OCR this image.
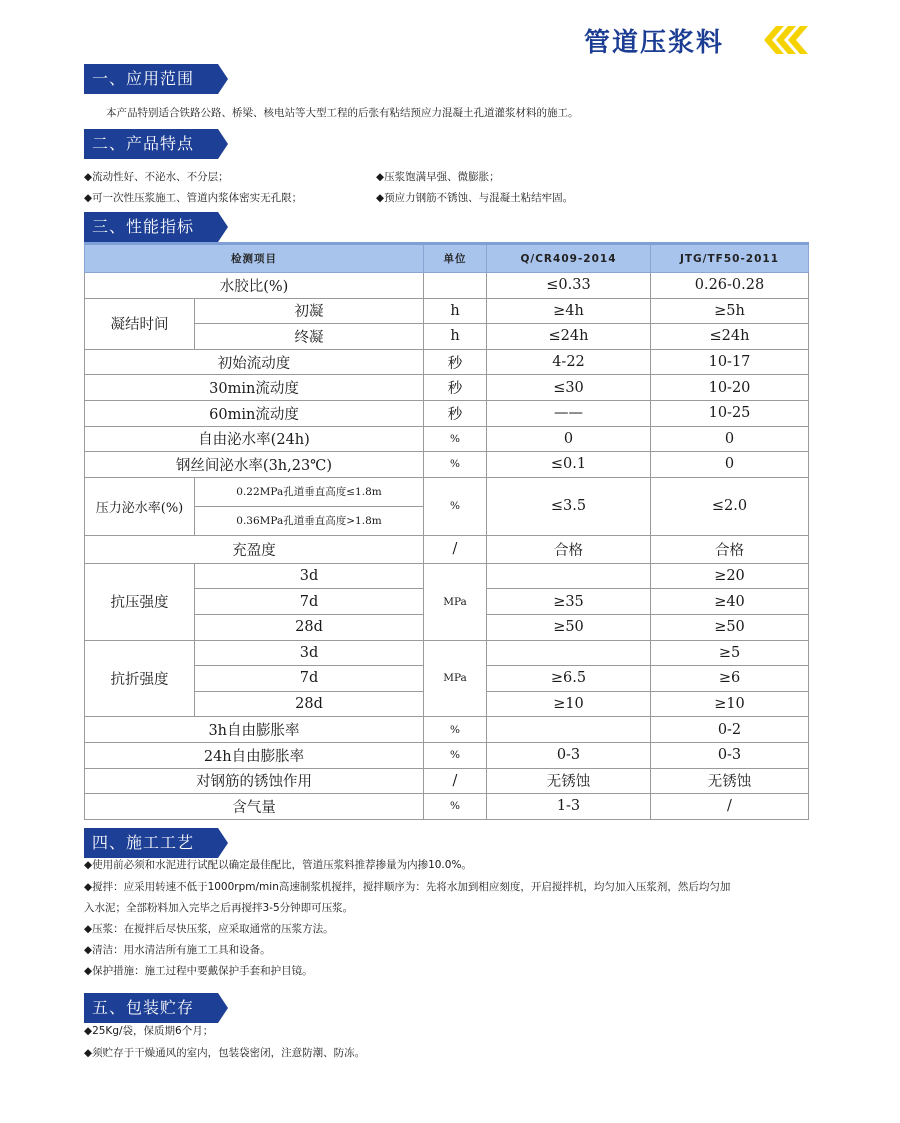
管道压浆料
一、应用范围
本产品特别适合铁路公路、桥梁、核电站等大型工程的后张有粘结预应力混凝土孔道灌浆材料的施工。
二、产品特点
◆流动性好、不泌水、不分层；	◆压浆饱满早强、微膨胀；
◆可一次性压浆施工、管道内浆体密实无孔限；	◆预应力钢筋不锈蚀、与混凝土粘结牢固。
三、性能指标
检测项目		单位	Q/CR409-2014	JTG/TF50-2011
水胶比(%)			≤0.33	0.26-0.28
凝结时间	初凝	h	≥4h	≥5h
	终凝	h	≤24h	≤24h
初始流动度		秒	4-22	10-17
30min流动度		秒	≤30	10-20
60min流动度		秒	——	10-25
自由泌水率(24h)		%	0	0
钢丝间泌水率(3h,23℃)		%	≤0.1	0
压力泌水率(%)	0.22MPa孔道垂直高度≤1.8m	%	≤3.5	≤2.0
	0.36MPa孔道垂直高度>1.8m			
充盈度		/	合格	合格
抗压强度	3d	MPa		≥20
	7d		≥35	≥40
	28d		≥50	≥50
抗折强度	3d	MPa		≥5
	7d		≥6.5	≥6
	28d		≥10	≥10
3h自由膨胀率		%		0-2
24h自由膨胀率		%	0-3	0-3
对钢筋的锈蚀作用		/	无锈蚀	无锈蚀
含气量		%	1-3	/
四、施工工艺
◆使用前必须和水泥进行试配以确定最佳配比，管道压浆料推荐掺量为内掺10.0%。
◆搅拌：应采用转速不低于1000rpm/min高速制浆机搅拌，搅拌顺序为：先将水加到相应刻度，开启搅拌机，均匀加入压浆剂，然后均匀加
入水泥；全部粉料加入完毕之后再搅拌3-5分钟即可压浆。
◆压浆：在搅拌后尽快压浆，应采取通常的压浆方法。
◆清洁：用水清洁所有施工工具和设备。
◆保护措施：施工过程中要戴保护手套和护目镜。
五、包装贮存
◆25Kg/袋，保质期6个月；
◆须贮存于干燥通风的室内，包装袋密闭，注意防潮、防冻。
